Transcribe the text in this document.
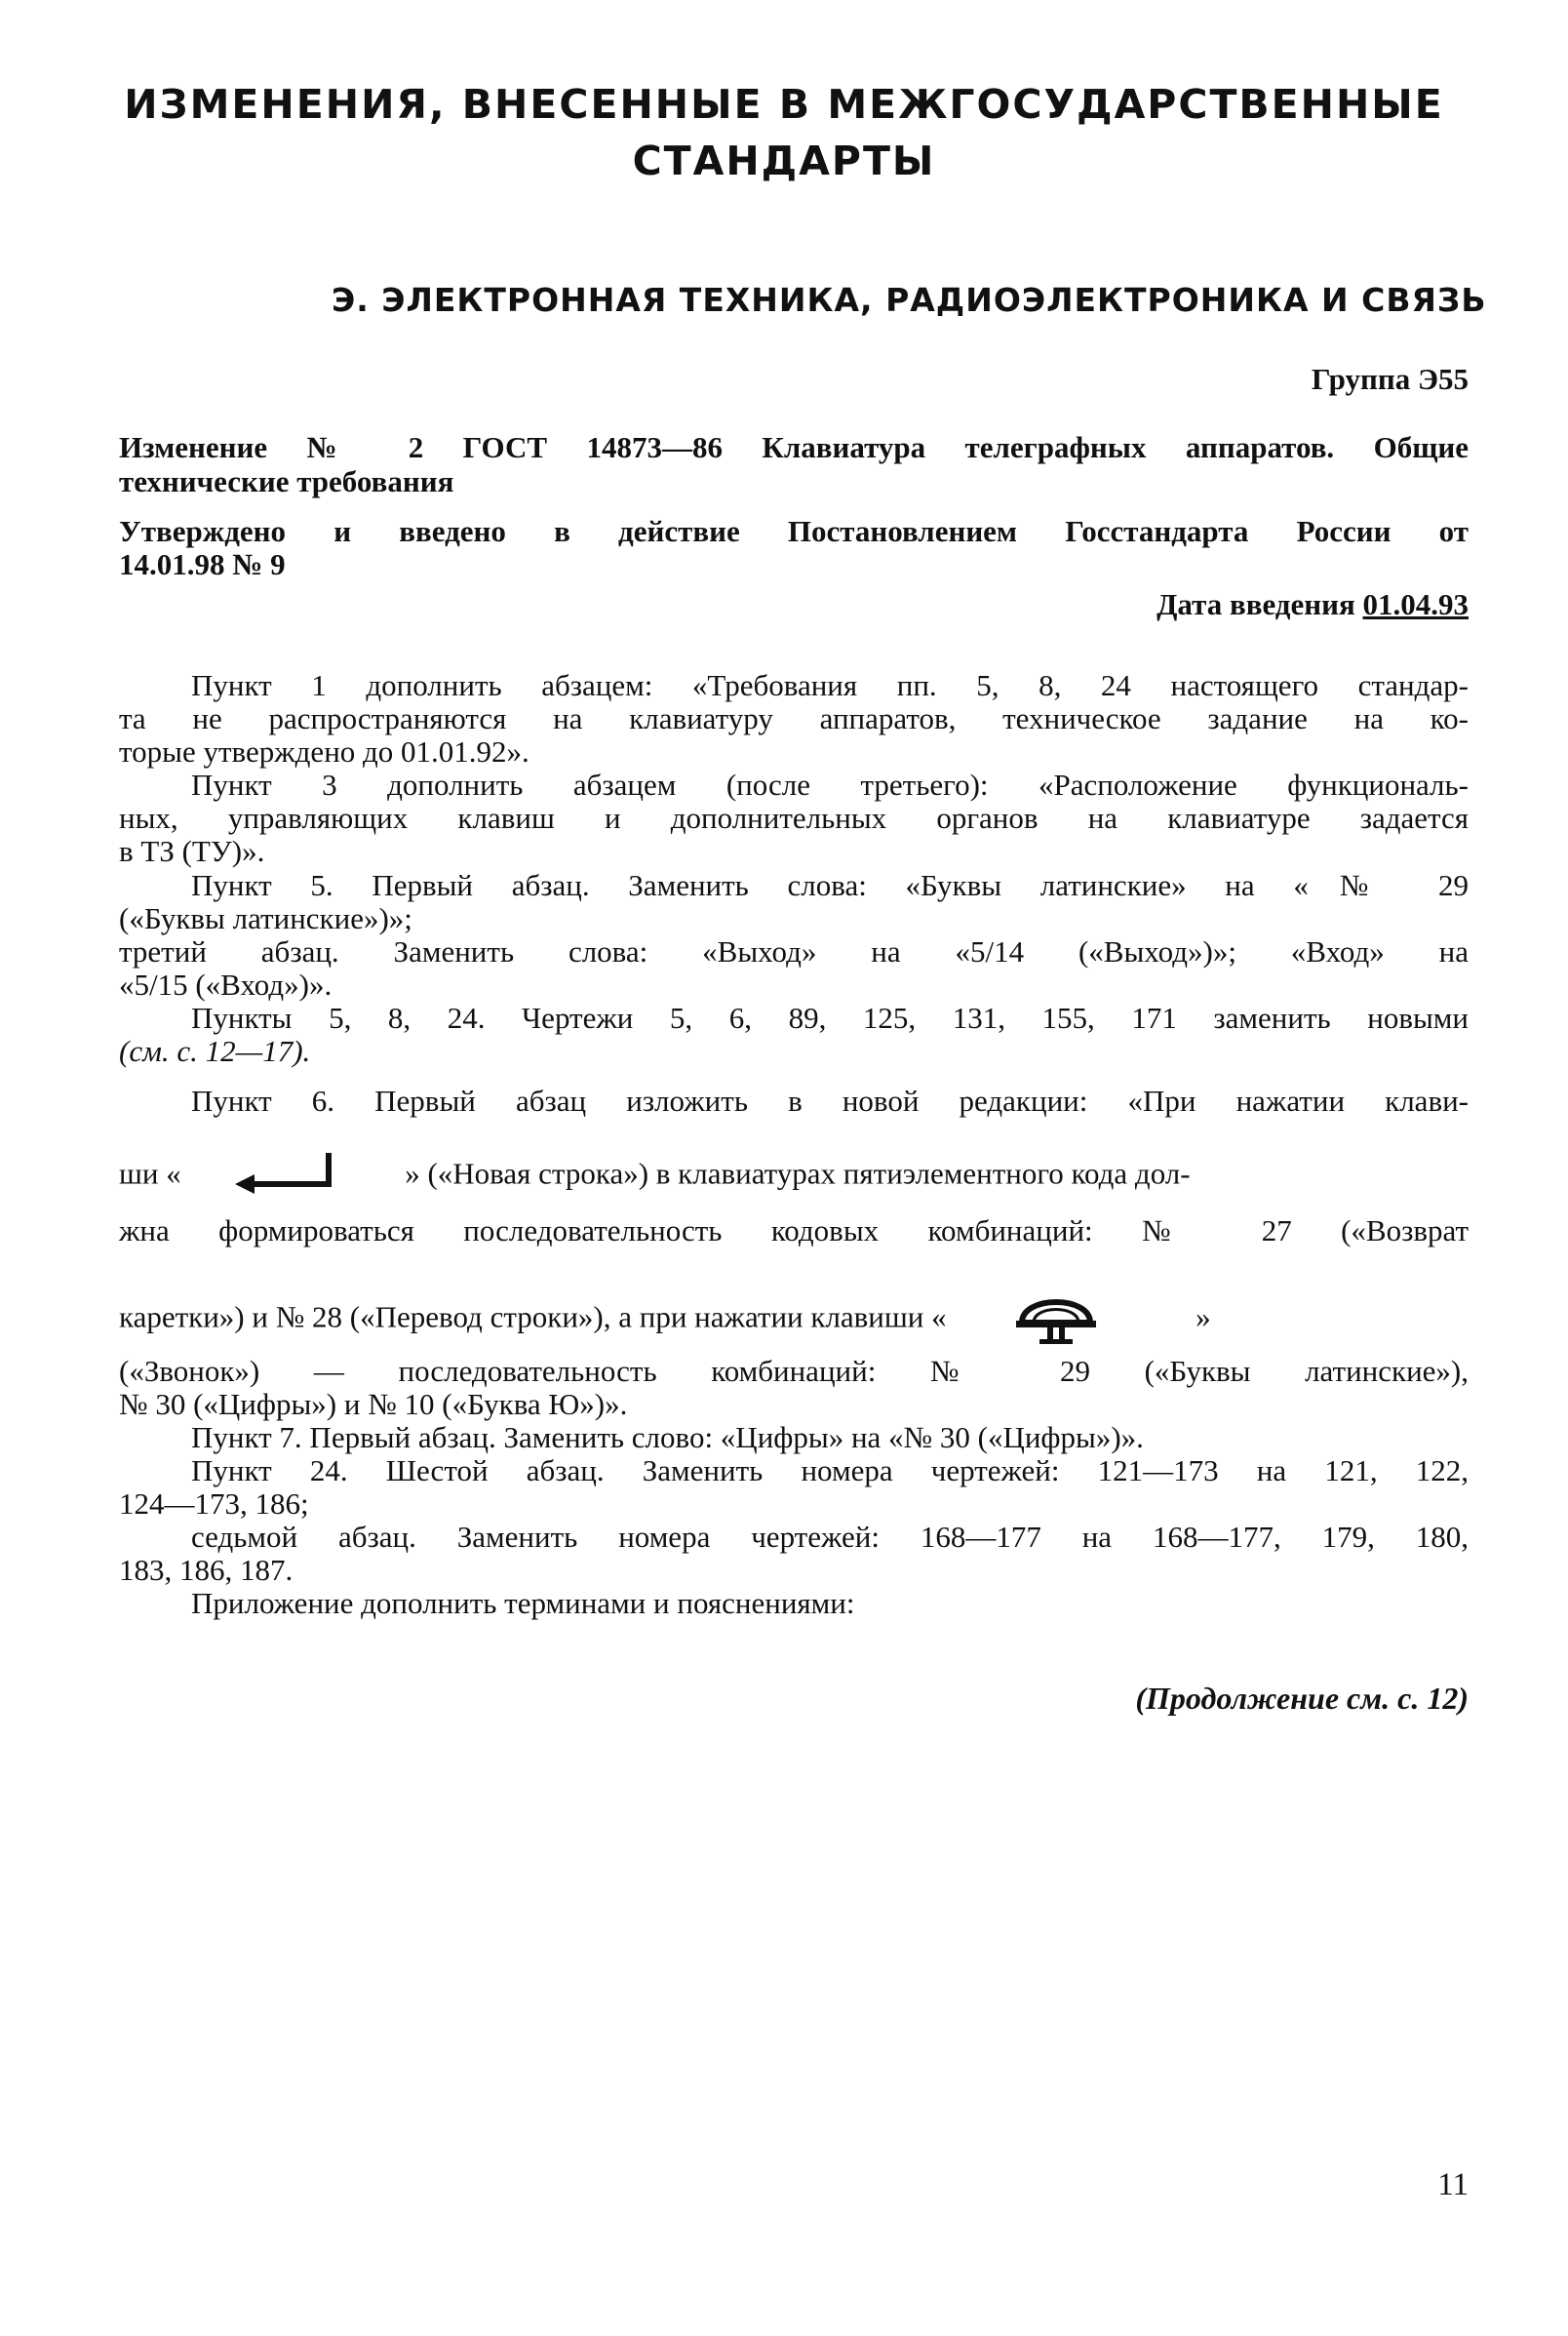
ИЗМЕНЕНИЯ, ВНЕСЕННЫЕ В МЕЖГОСУДАРСТВЕННЫЕ
СТАНДАРТЫ
Э. ЭЛЕКТРОННАЯ ТЕХНИКА, РАДИОЭЛЕКТРОНИКА И СВЯЗЬ
Группа Э55
Изменение № 2 ГОСТ 14873—86 Клавиатура телеграфных аппаратов. Общие
технические требования
Утверждено и введено в действие Постановлением Госстандарта России от
14.01.98 № 9
Дата введения 01.04.93
Пункт 1 дополнить абзацем: «Требования пп. 5, 8, 24 настоящего стандар-
та не распространяются на клавиатуру аппаратов, техническое задание на ко-
торые утверждено до 01.01.92».
Пункт 3 дополнить абзацем (после третьего): «Расположение функциональ-
ных, управляющих клавиш и дополнительных органов на клавиатуре задается
в ТЗ (ТУ)».
Пункт 5. Первый абзац. Заменить слова: «Буквы латинские» на «№ 29
(«Буквы латинские»)»;
третий абзац. Заменить слова: «Выход» на «5/14 («Выход»)»; «Вход» на
«5/15 («Вход»)».
Пункты 5, 8, 24. Чертежи 5, 6, 89, 125, 131, 155, 171 заменить новыми
(см. с. 12—17).
Пункт 6. Первый абзац изложить в новой редакции: «При нажатии клави-
ши «	» («Новая строка») в клавиатурах пятиэлементного кода дол-
жна формироваться последовательность кодовых комбинаций: № 27 («Возврат
каретки») и № 28 («Перевод строки»), а при нажатии клавиши «	»
(«Звонок») — последовательность комбинаций: № 29 («Буквы латинские»),
№ 30 («Цифры») и № 10 («Буква Ю»)».
Пункт 7. Первый абзац. Заменить слово: «Цифры» на «№ 30 («Цифры»)».
Пункт 24. Шестой абзац. Заменить номера чертежей: 121—173 на 121, 122,
124—173, 186;
седьмой абзац. Заменить номера чертежей: 168—177 на 168—177, 179, 180,
183, 186, 187.
Приложение дополнить терминами и пояснениями:
(Продолжение см. с. 12)
11
